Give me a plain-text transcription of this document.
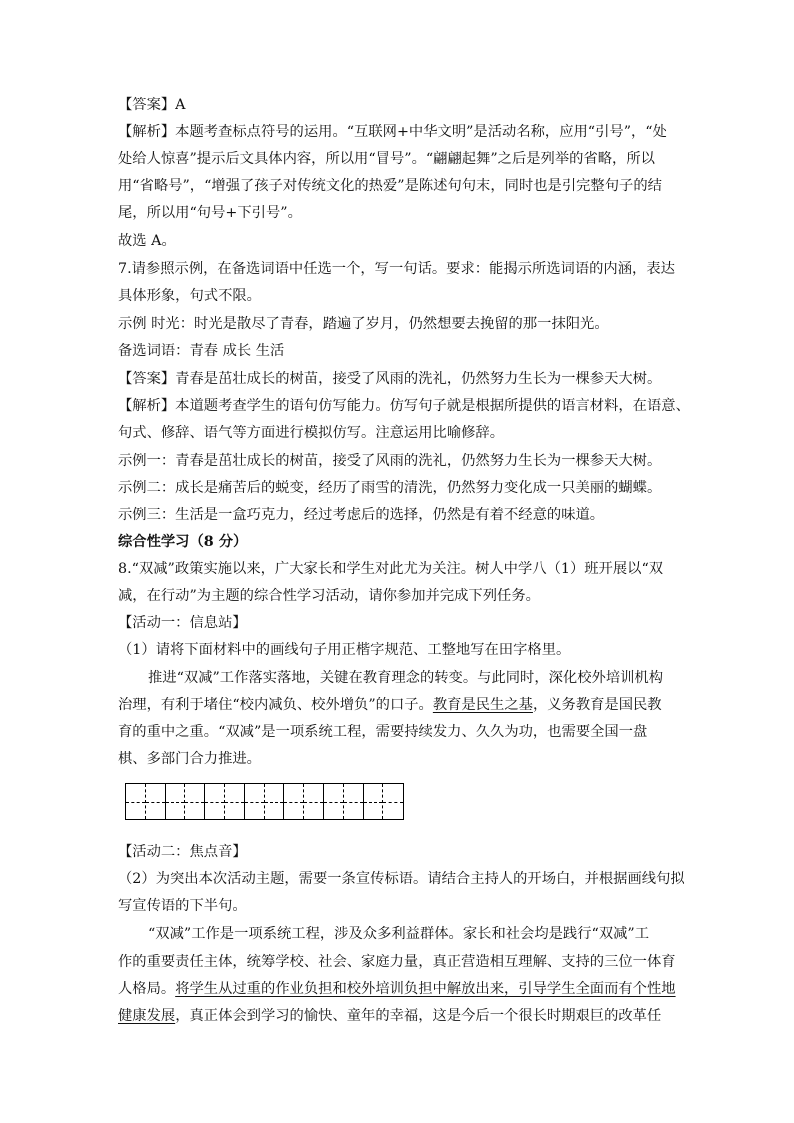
【答案】A
【解析】本题考查标点符号的运用。“互联网+中华文明”是活动名称，应用“引号”，“处
处给人惊喜”提示后文具体内容，所以用“冒号”。“翩翩起舞”之后是列举的省略，所以
用“省略号”，“增强了孩子对传统文化的热爱”是陈述句句末，同时也是引完整句子的结
尾，所以用“句号+下引号”。
故选 A。
7.请参照示例，在备选词语中任选一个，写一句话。要求：能揭示所选词语的内涵，表达
具体形象，句式不限。
示例 时光：时光是散尽了青春，踏遍了岁月，仍然想要去挽留的那一抹阳光。
备选词语：青春 成长 生活
【答案】青春是茁壮成长的树苗，接受了风雨的洗礼，仍然努力生长为一棵参天大树。
【解析】本道题考查学生的语句仿写能力。仿写句子就是根据所提供的语言材料，在语意、
句式、修辞、语气等方面进行模拟仿写。注意运用比喻修辞。
示例一：青春是茁壮成长的树苗，接受了风雨的洗礼，仍然努力生长为一棵参天大树。
示例二：成长是痛苦后的蜕变，经历了雨雪的清洗，仍然努力变化成一只美丽的蝴蝶。
示例三：生活是一盒巧克力，经过考虑后的选择，仍然是有着不经意的味道。
综合性学习（8 分）
8.“双减”政策实施以来，广大家长和学生对此尤为关注。树人中学八（1）班开展以“双
减，在行动”为主题的综合性学习活动，请你参加并完成下列任务。
【活动一：信息站】
（1）请将下面材料中的画线句子用正楷字规范、工整地写在田字格里。
推进“双减”工作落实落地，关键在教育理念的转变。与此同时，深化校外培训机构
治理，有利于堵住“校内减负、校外增负”的口子。教育是民生之基，义务教育是国民教
育的重中之重。“双减”是一项系统工程，需要持续发力、久久为功，也需要全国一盘
棋、多部门合力推进。
【活动二：焦点音】
（2）为突出本次活动主题，需要一条宣传标语。请结合主持人的开场白，并根据画线句拟
写宣传语的下半句。
“双减”工作是一项系统工程，涉及众多利益群体。家长和社会均是践行“双减”工
作的重要责任主体，统筹学校、社会、家庭力量，真正营造相互理解、支持的三位一体育
人格局。将学生从过重的作业负担和校外培训负担中解放出来，引导学生全面而有个性地
健康发展，真正体会到学习的愉快、童年的幸福，这是今后一个很长时期艰巨的改革任
